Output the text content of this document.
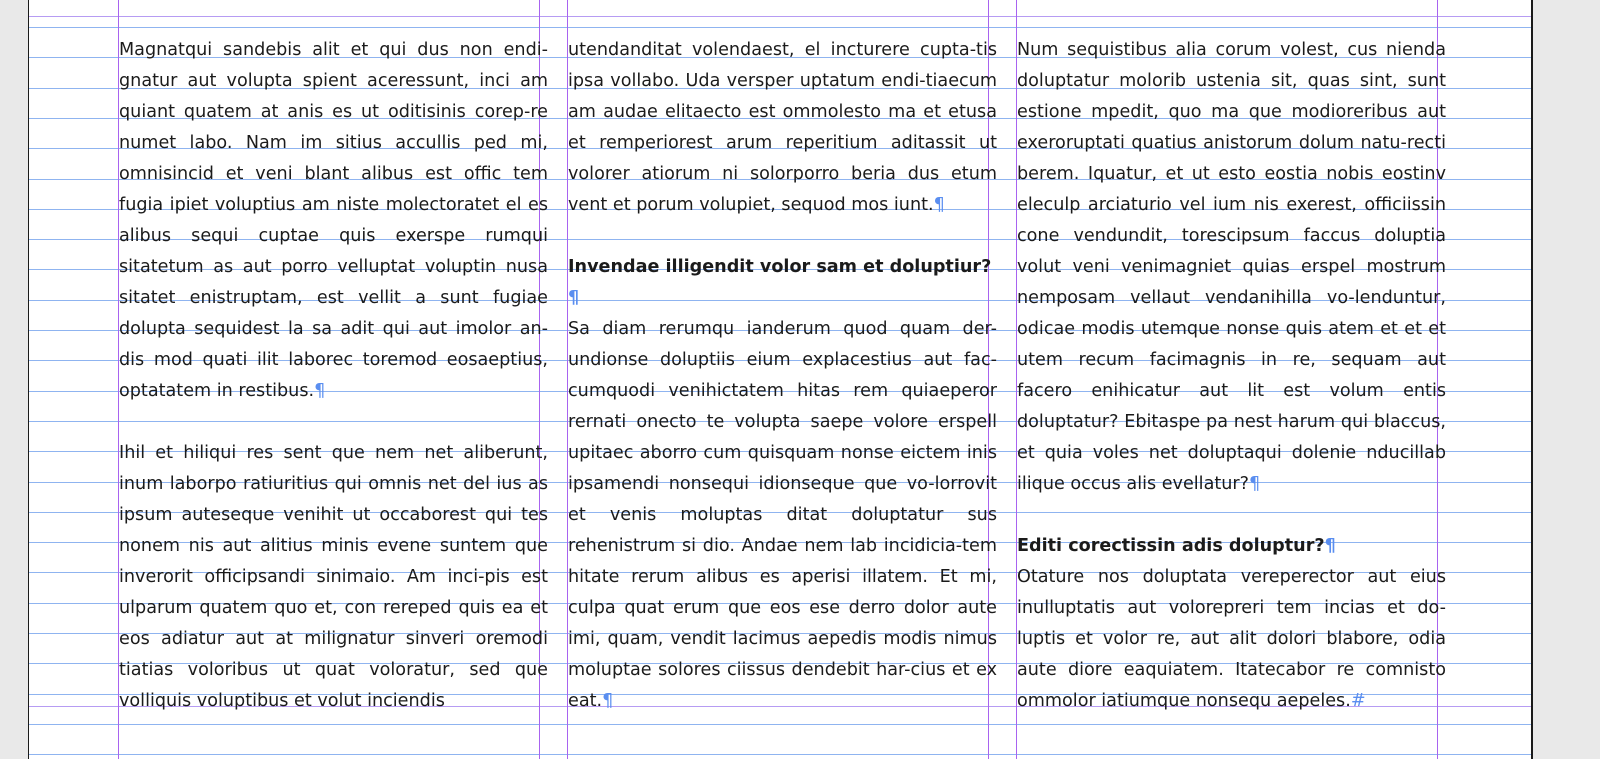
Magnatqui sandebis alit et qui dus non endi-gnatur aut volupta spient aceressunt, inci am quiant quatem at anis es ut oditisinis corep-re numet labo. Nam im sitius accullis ped mi, omnisincid et veni blant alibus est offic tem fugia ipiet voluptius am niste molectoratet el es alibus sequi cuptae quis exerspe rumqui sitatetum as aut porro velluptat voluptin nusa sitatet enistruptam, est vellit a sunt fugiae dolupta sequidest la sa adit qui aut imolor an-dis mod quati ilit laborec toremod eosaeptius, optatatem in restibus.¶

Ihil et hiliqui res sent que nem net aliberunt, inum laborpo ratiuritius qui omnis net del ius as ipsum auteseque venihit ut occaborest qui tes nonem nis aut alitius minis evene suntem que inverorit officipsandi sinimaio. Am inci-pis est ulparum quatem quo et, con rereped quis ea et eos adiatur aut at milignatur sinveri oremodi tiatias voloribus ut quat voloratur, sed que volliquis voluptibus et volut inciendis

utendanditat volendaest, el incturere cupta-tis ipsa vollabo. Uda versper uptatum endi-tiaecum am audae elitaecto est ommolesto ma et etusa et remperiorest arum reperitium aditassit ut volorer atiorum ni solorporro beria dus etum vent et porum volupiet, sequod mos iunt.¶

Invendae illigendit volor sam et doluptiur?¶

Sa diam rerumqu ianderum quod quam der-undionse doluptiis eium explacestius aut fac-cumquodi venihictatem hitas rem quiaeperor rernati onecto te volupta saepe volore erspell upitaec aborro cum quisquam nonse eictem inis ipsamendi nonsequi idionseque que vo-lorrovit et venis moluptas ditat doluptatur sus rehenistrum si dio. Andae nem lab incidicia-tem hitate rerum alibus es aperisi illatem. Et mi, culpa quat erum que eos ese derro dolor aute imi, quam, vendit lacimus aepedis modis nimus moluptae solores ciissus dendebit har-cius et ex eat.¶

Num sequistibus alia corum volest, cus nienda doluptatur molorib ustenia sit, quas sint, sunt estione mpedit, quo ma que modioreribus aut exeroruptati quatius anistorum dolum natu-recti berem. Iquatur, et ut esto eostia nobis eostinv eleculp arciaturio vel ium nis exerest, officiissin cone vendundit, torescipsum faccus doluptia volut veni venimagniet quias erspel mostrum nemposam vellaut vendanihilla vo-lenduntur, odicae modis utemque nonse quis atem et et et utem recum facimagnis in re, sequam aut facero enihicatur aut lit est volum entis doluptatur? Ebitaspe pa nest harum qui blaccus, et quia voles net doluptaqui dolenie nducillab ilique occus alis evellatur?¶

Editi corectissin adis doluptur?¶

Otature nos doluptata vereperector aut eius inulluptatis aut volorepreri tem incias et do-luptis et volor re, aut alit dolori blabore, odia aute diore eaquiatem. Itatecabor re comnisto ommolor iatiumque nonsequ aepeles.#
